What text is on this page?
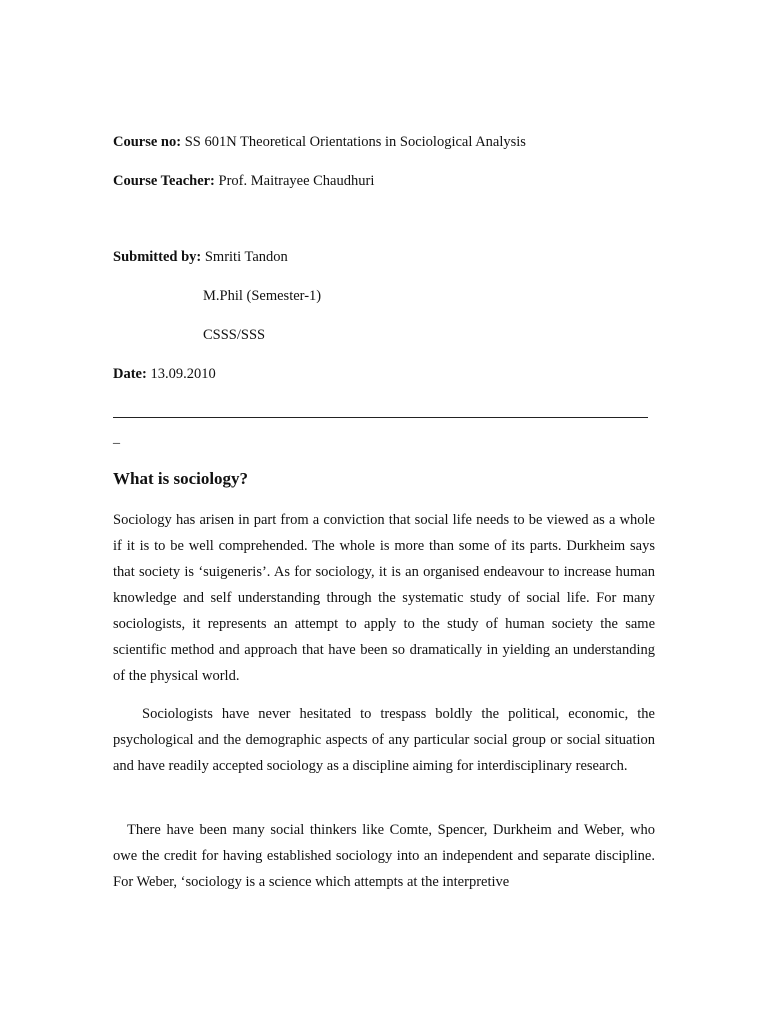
Course no: SS 601N Theoretical Orientations in Sociological Analysis
Course Teacher: Prof. Maitrayee Chaudhuri
Submitted by: Smriti Tandon
M.Phil (Semester-1)
CSSS/SSS
Date: 13.09.2010
_
What is sociology?

Sociology has arisen in part from a conviction that social life needs to be viewed as a whole if it is to be well comprehended. The whole is more than some of its parts. Durkheim says that society is ‘suigeneris’. As for sociology, it is an organised endeavour to increase human knowledge and self understanding through the systematic study of social life. For many sociologists, it represents an attempt to apply to the study of human society the same scientific method and approach that have been so dramatically in yielding an understanding of the physical world.

Sociologists have never hesitated to trespass boldly the political, economic, the psychological and the demographic aspects of any particular social group or social situation and have readily accepted sociology as a discipline aiming for interdisciplinary research.

There have been many social thinkers like Comte, Spencer, Durkheim and Weber, who owe the credit for having established sociology into an independent and separate discipline. For Weber, ‘sociology is a science which attempts at the interpretive
